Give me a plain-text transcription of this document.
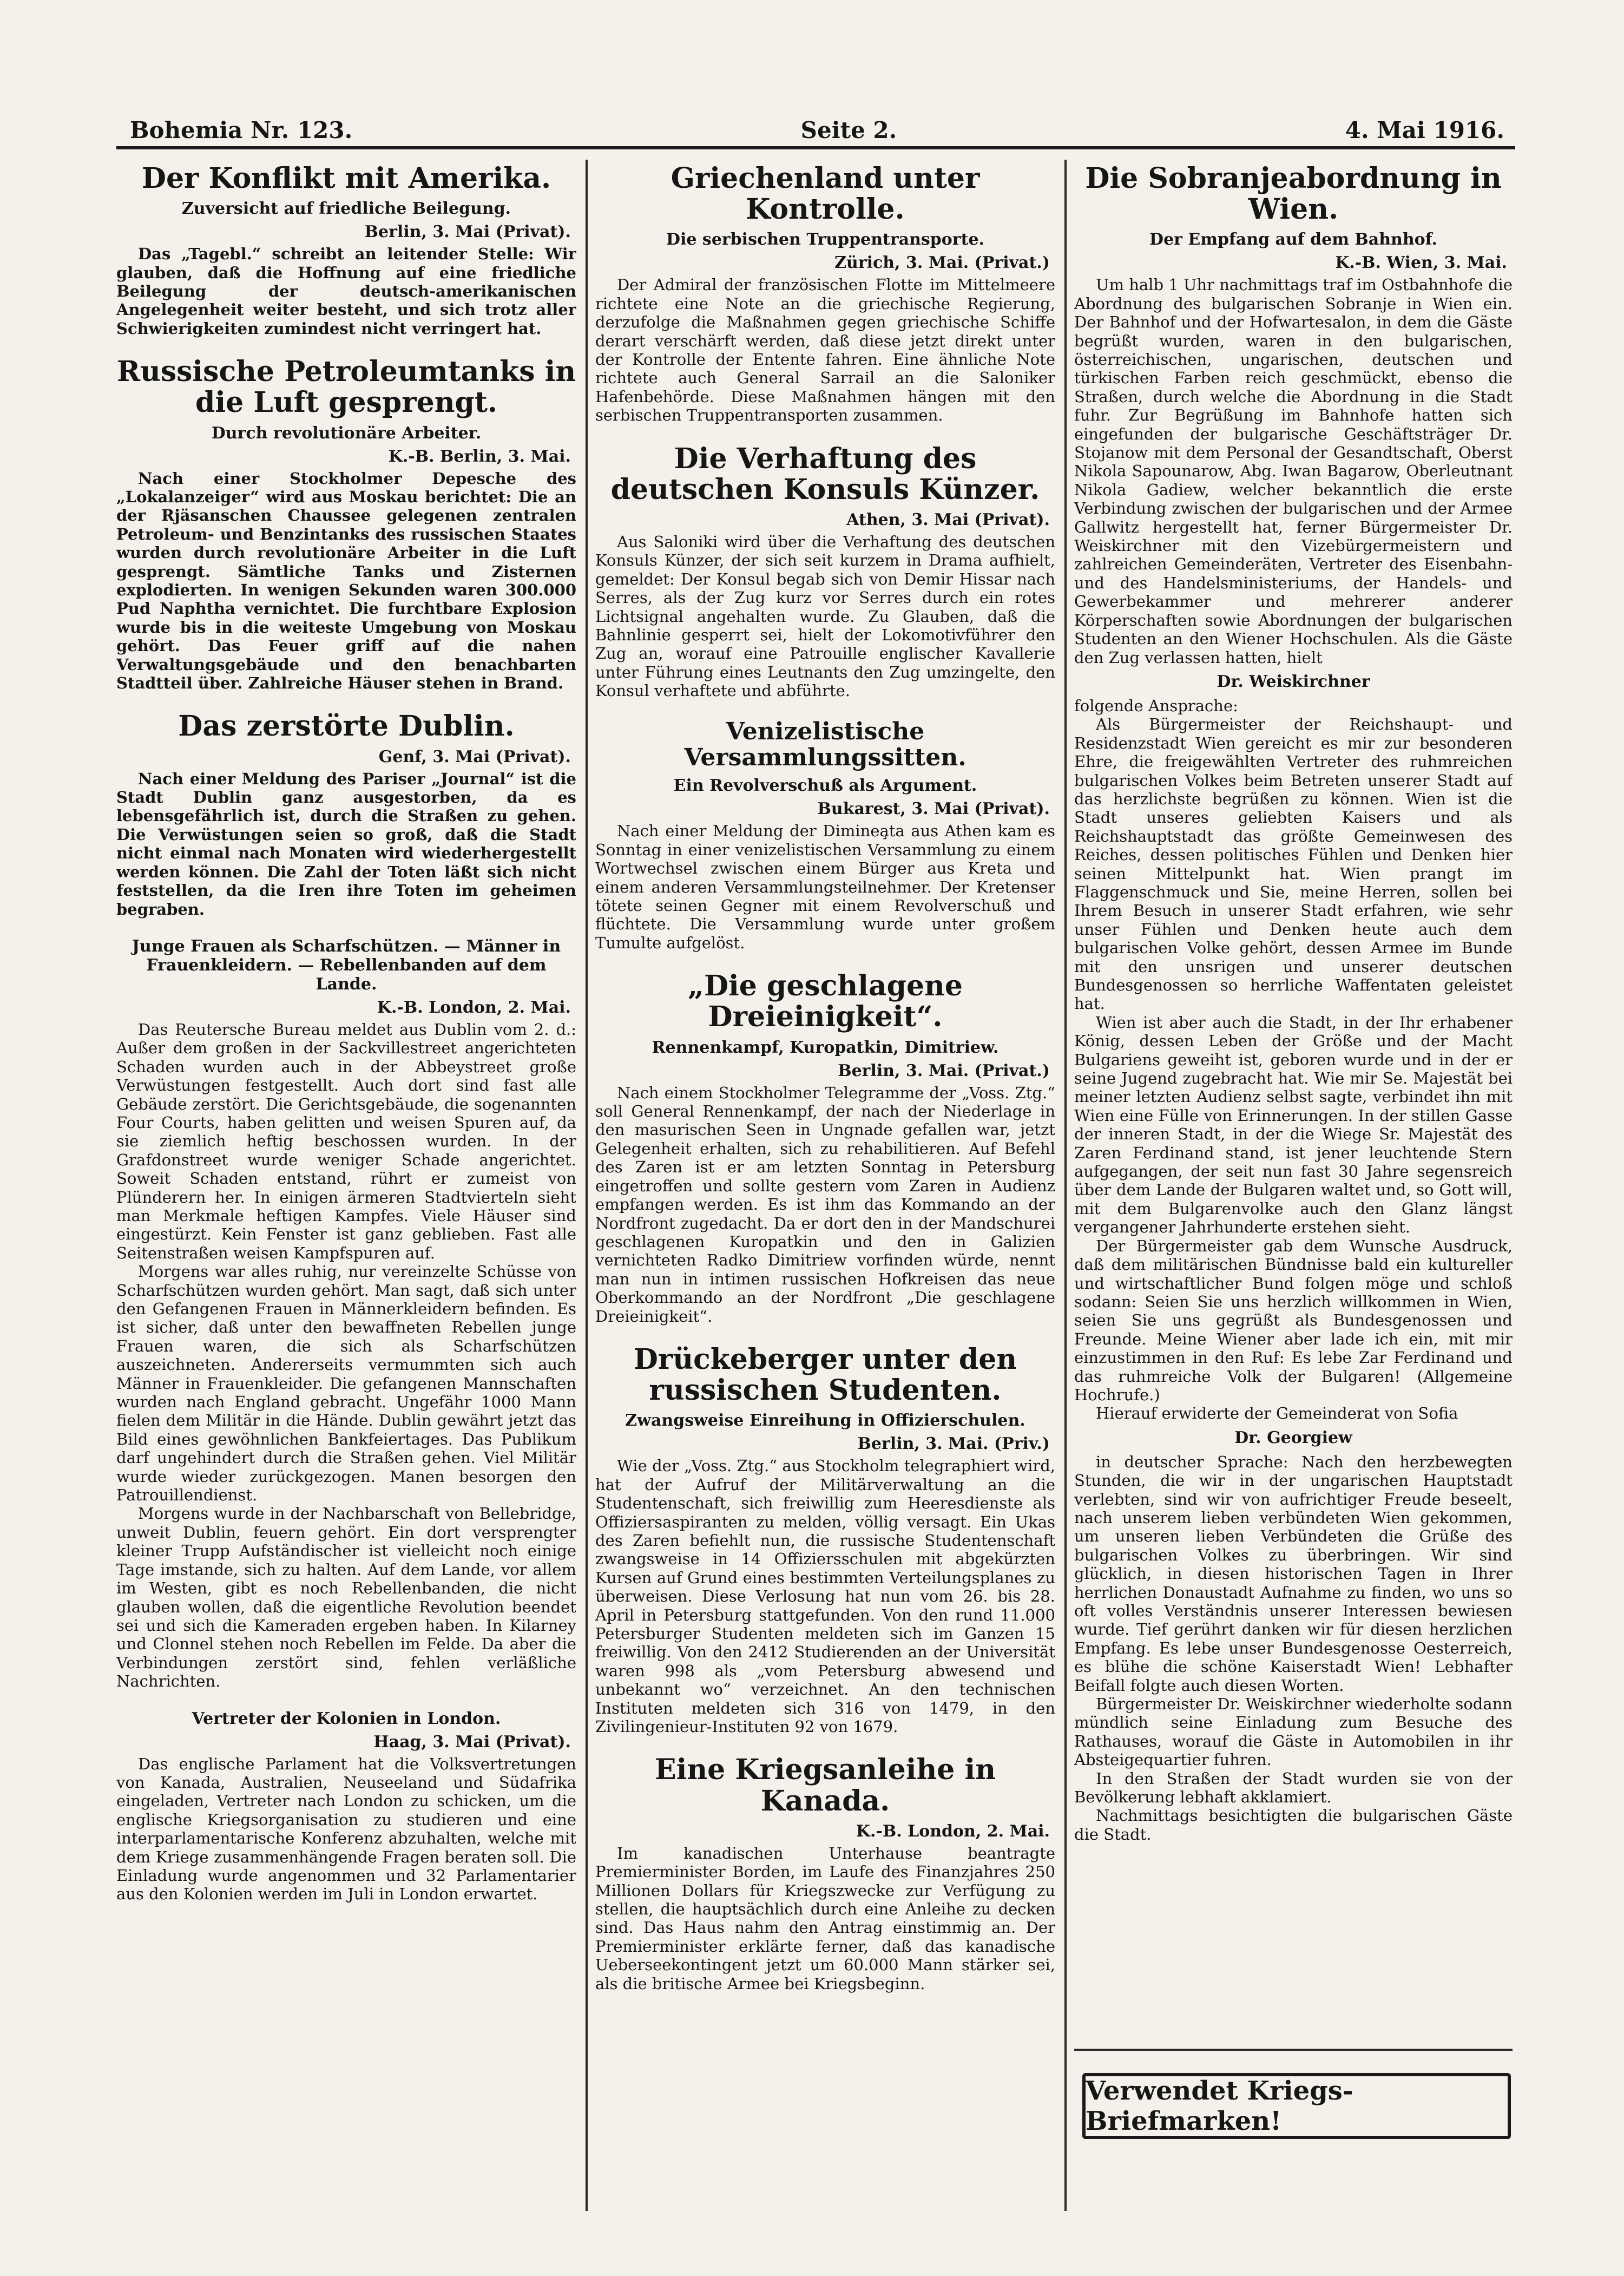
Bohemia Nr. 123.	Seite 2.	4. Mai 1916.
Der Konflikt mit Amerika.
Zuversicht auf friedliche Beilegung.
Berlin, 3. Mai (Privat).

Das „Tagebl.“ schreibt an leitender Stelle: Wir glauben, daß die Hoffnung auf eine friedliche Beilegung der deutsch-amerikanischen Angelegenheit weiter besteht, und sich trotz aller Schwierigkeiten zumindest nicht verringert hat.

Russische Petroleumtanks in die Luft gesprengt.
Durch revolutionäre Arbeiter.
K.-B. Berlin, 3. Mai.

Nach einer Stockholmer Depesche des „Lokalanzeiger“ wird aus Moskau berichtet: Die an der Rjäsanschen Chaussee gelegenen zentralen Petroleum- und Benzintanks des russischen Staates wurden durch revolutionäre Arbeiter in die Luft gesprengt. Sämtliche Tanks und Zisternen explodierten. In wenigen Sekunden waren 300.000 Pud Naphtha vernichtet. Die furchtbare Explosion wurde bis in die weiteste Umgebung von Moskau gehört. Das Feuer griff auf die nahen Verwaltungsgebäude und den benachbarten Stadtteil über. Zahlreiche Häuser stehen in Brand.

Das zerstörte Dublin.
Genf, 3. Mai (Privat).

Nach einer Meldung des Pariser „Journal“ ist die Stadt Dublin ganz ausgestorben, da es lebensgefährlich ist, durch die Straßen zu gehen. Die Verwüstungen seien so groß, daß die Stadt nicht einmal nach Monaten wird wiederhergestellt werden können. Die Zahl der Toten läßt sich nicht feststellen, da die Iren ihre Toten im geheimen begraben.

Junge Frauen als Scharfschützen. — Männer in Frauenkleidern. — Rebellenbanden auf dem Lande.
K.-B. London, 2. Mai.

Das Reutersche Bureau meldet aus Dublin vom 2. d.: Außer dem großen in der Sackvillestreet angerichteten Schaden wurden auch in der Abbeystreet große Verwüstungen festgestellt. Auch dort sind fast alle Gebäude zerstört. Die Gerichtsgebäude, die sogenannten Four Courts, haben gelitten und weisen Spuren auf, da sie ziemlich heftig beschossen wurden. In der Grafdonstreet wurde weniger Schade angerichtet. Soweit Schaden entstand, rührt er zumeist von Plünderern her. In einigen ärmeren Stadtvierteln sieht man Merkmale heftigen Kampfes. Viele Häuser sind eingestürzt. Kein Fenster ist ganz geblieben. Fast alle Seitenstraßen weisen Kampfspuren auf.

Morgens war alles ruhig, nur vereinzelte Schüsse von Scharfschützen wurden gehört. Man sagt, daß sich unter den Gefangenen Frauen in Männerkleidern befinden. Es ist sicher, daß unter den bewaffneten Rebellen junge Frauen waren, die sich als Scharfschützen auszeichneten. Andererseits vermummten sich auch Männer in Frauenkleider. Die gefangenen Mannschaften wurden nach England gebracht. Ungefähr 1000 Mann fielen dem Militär in die Hände. Dublin gewährt jetzt das Bild eines gewöhnlichen Bankfeiertages. Das Publikum darf ungehindert durch die Straßen gehen. Viel Militär wurde wieder zurückgezogen. Manen besorgen den Patrouillendienst.

Morgens wurde in der Nachbarschaft von Bellebridge, unweit Dublin, feuern gehört. Ein dort versprengter kleiner Trupp Aufständischer ist vielleicht noch einige Tage imstande, sich zu halten. Auf dem Lande, vor allem im Westen, gibt es noch Rebellenbanden, die nicht glauben wollen, daß die eigentliche Revolution beendet sei und sich die Kameraden ergeben haben. In Kilarney und Clonnel stehen noch Rebellen im Felde. Da aber die Verbindungen zerstört sind, fehlen verläßliche Nachrichten.

Vertreter der Kolonien in London.
Haag, 3. Mai (Privat).

Das englische Parlament hat die Volksvertretungen von Kanada, Australien, Neuseeland und Südafrika eingeladen, Vertreter nach London zu schicken, um die englische Kriegsorganisation zu studieren und eine interparlamentarische Konferenz abzuhalten, welche mit dem Kriege zusammenhängende Fragen beraten soll. Die Einladung wurde angenommen und 32 Parlamentarier aus den Kolonien werden im Juli in London erwartet.

Griechenland unter Kontrolle.
Die serbischen Truppentransporte.
Zürich, 3. Mai. (Privat.)

Der Admiral der französischen Flotte im Mittelmeere richtete eine Note an die griechische Regierung, derzufolge die Maßnahmen gegen griechische Schiffe derart verschärft werden, daß diese jetzt direkt unter der Kontrolle der Entente fahren. Eine ähnliche Note richtete auch General Sarrail an die Saloniker Hafenbehörde. Diese Maßnahmen hängen mit den serbischen Truppentransporten zusammen.

Die Verhaftung des deutschen Konsuls Künzer.
Athen, 3. Mai (Privat).

Aus Saloniki wird über die Verhaftung des deutschen Konsuls Künzer, der sich seit kurzem in Drama aufhielt, gemeldet: Der Konsul begab sich von Demir Hissar nach Serres, als der Zug kurz vor Serres durch ein rotes Lichtsignal angehalten wurde. Zu Glauben, daß die Bahnlinie gesperrt sei, hielt der Lokomotivführer den Zug an, worauf eine Patrouille englischer Kavallerie unter Führung eines Leutnants den Zug umzingelte, den Konsul verhaftete und abführte.

Venizelistische Versammlungssitten.
Ein Revolverschuß als Argument.
Bukarest, 3. Mai (Privat).

Nach einer Meldung der Diminea̧ta aus Athen kam es Sonntag in einer venizelistischen Versammlung zu einem Wortwechsel zwischen einem Bürger aus Kreta und einem anderen Versammlungsteilnehmer. Der Kretenser tötete seinen Gegner mit einem Revolverschuß und flüchtete. Die Versammlung wurde unter großem Tumulte aufgelöst.

„Die geschlagene Dreieinigkeit“.
Rennenkampf, Kuropatkin, Dimitriew.
Berlin, 3. Mai. (Privat.)

Nach einem Stockholmer Telegramme der „Voss. Ztg.“ soll General Rennenkampf, der nach der Niederlage in den masurischen Seen in Ungnade gefallen war, jetzt Gelegenheit erhalten, sich zu rehabilitieren. Auf Befehl des Zaren ist er am letzten Sonntag in Petersburg eingetroffen und sollte gestern vom Zaren in Audienz empfangen werden. Es ist ihm das Kommando an der Nordfront zugedacht. Da er dort den in der Mandschurei geschlagenen Kuropatkin und den in Galizien vernichteten Radko Dimitriew vorfinden würde, nennt man nun in intimen russischen Hofkreisen das neue Oberkommando an der Nordfront „Die geschlagene Dreieinigkeit“.

Drückeberger unter den russischen Studenten.
Zwangsweise Einreihung in Offizierschulen.
Berlin, 3. Mai. (Priv.)

Wie der „Voss. Ztg.“ aus Stockholm telegraphiert wird, hat der Aufruf der Militärverwaltung an die Studentenschaft, sich freiwillig zum Heeresdienste als Offiziersaspiranten zu melden, völlig versagt. Ein Ukas des Zaren befiehlt nun, die russische Studentenschaft zwangsweise in 14 Offiziersschulen mit abgekürzten Kursen auf Grund eines bestimmten Verteilungsplanes zu überweisen. Diese Verlosung hat nun vom 26. bis 28. April in Petersburg stattgefunden. Von den rund 11.000 Petersburger Studenten meldeten sich im Ganzen 15 freiwillig. Von den 2412 Studierenden an der Universität waren 998 als „vom Petersburg abwesend und unbekannt wo“ verzeichnet. An den technischen Instituten meldeten sich 316 von 1479, in den Zivilingenieur-Instituten 92 von 1679.

Eine Kriegsanleihe in Kanada.
K.-B. London, 2. Mai.

Im kanadischen Unterhause beantragte Premierminister Borden, im Laufe des Finanzjahres 250 Millionen Dollars für Kriegszwecke zur Verfügung zu stellen, die hauptsächlich durch eine Anleihe zu decken sind. Das Haus nahm den Antrag einstimmig an. Der Premierminister erklärte ferner, daß das kanadische Ueberseekontingent jetzt um 60.000 Mann stärker sei, als die britische Armee bei Kriegsbeginn.

Die Sobranjeabordnung in Wien.
Der Empfang auf dem Bahnhof.
K.-B. Wien, 3. Mai.

Um halb 1 Uhr nachmittags traf im Ostbahnhofe die Abordnung des bulgarischen Sobranje in Wien ein. Der Bahnhof und der Hofwartesalon, in dem die Gäste begrüßt wurden, waren in den bulgarischen, österreichischen, ungarischen, deutschen und türkischen Farben reich geschmückt, ebenso die Straßen, durch welche die Abordnung in die Stadt fuhr. Zur Begrüßung im Bahnhofe hatten sich eingefunden der bulgarische Geschäftsträger Dr. Stojanow mit dem Personal der Gesandtschaft, Oberst Nikola Sapounarow, Abg. Iwan Bagarow, Oberleutnant Nikola Gadiew, welcher bekanntlich die erste Verbindung zwischen der bulgarischen und der Armee Gallwitz hergestellt hat, ferner Bürgermeister Dr. Weiskirchner mit den Vizebürgermeistern und zahlreichen Gemeinderäten, Vertreter des Eisenbahn- und des Handelsministeriums, der Handels- und Gewerbekammer und mehrerer anderer Körperschaften sowie Abordnungen der bulgarischen Studenten an den Wiener Hochschulen. Als die Gäste den Zug verlassen hatten, hielt

Dr. Weiskirchner

folgende Ansprache:

Als Bürgermeister der Reichshaupt- und Residenzstadt Wien gereicht es mir zur besonderen Ehre, die freigewählten Vertreter des ruhmreichen bulgarischen Volkes beim Betreten unserer Stadt auf das herzlichste begrüßen zu können. Wien ist die Stadt unseres geliebten Kaisers und als Reichshauptstadt das größte Gemeinwesen des Reiches, dessen politisches Fühlen und Denken hier seinen Mittelpunkt hat. Wien prangt im Flaggenschmuck und Sie, meine Herren, sollen bei Ihrem Besuch in unserer Stadt erfahren, wie sehr unser Fühlen und Denken heute auch dem bulgarischen Volke gehört, dessen Armee im Bunde mit den unsrigen und unserer deutschen Bundesgenossen so herrliche Waffentaten geleistet hat.

Wien ist aber auch die Stadt, in der Ihr erhabener König, dessen Leben der Größe und der Macht Bulgariens geweiht ist, geboren wurde und in der er seine Jugend zugebracht hat. Wie mir Se. Majestät bei meiner letzten Audienz selbst sagte, verbindet ihn mit Wien eine Fülle von Erinnerungen. In der stillen Gasse der inneren Stadt, in der die Wiege Sr. Majestät des Zaren Ferdinand stand, ist jener leuchtende Stern aufgegangen, der seit nun fast 30 Jahre segensreich über dem Lande der Bulgaren waltet und, so Gott will, mit dem Bulgarenvolke auch den Glanz längst vergangener Jahrhunderte erstehen sieht.

Der Bürgermeister gab dem Wunsche Ausdruck, daß dem militärischen Bündnisse bald ein kultureller und wirtschaftlicher Bund folgen möge und schloß sodann: Seien Sie uns herzlich willkommen in Wien, seien Sie uns gegrüßt als Bundesgenossen und Freunde. Meine Wiener aber lade ich ein, mit mir einzustimmen in den Ruf: Es lebe Zar Ferdinand und das ruhmreiche Volk der Bulgaren! (Allgemeine Hochrufe.)

Hierauf erwiderte der Gemeinderat von Sofia

Dr. Georgiew

in deutscher Sprache: Nach den herzbewegten Stunden, die wir in der ungarischen Hauptstadt verlebten, sind wir von aufrichtiger Freude beseelt, nach unserem lieben verbündeten Wien gekommen, um unseren lieben Verbündeten die Grüße des bulgarischen Volkes zu überbringen. Wir sind glücklich, in diesen historischen Tagen in Ihrer herrlichen Donaustadt Aufnahme zu finden, wo uns so oft volles Verständnis unserer Interessen bewiesen wurde. Tief gerührt danken wir für diesen herzlichen Empfang. Es lebe unser Bundesgenosse Oesterreich, es blühe die schöne Kaiserstadt Wien! Lebhafter Beifall folgte auch diesen Worten.

Bürgermeister Dr. Weiskirchner wiederholte sodann mündlich seine Einladung zum Besuche des Rathauses, worauf die Gäste in Automobilen in ihr Absteigequartier fuhren.

In den Straßen der Stadt wurden sie von der Bevölkerung lebhaft akklamiert.

Nachmittags besichtigten die bulgarischen Gäste die Stadt.

Verwendet Kriegs-Briefmarken!
